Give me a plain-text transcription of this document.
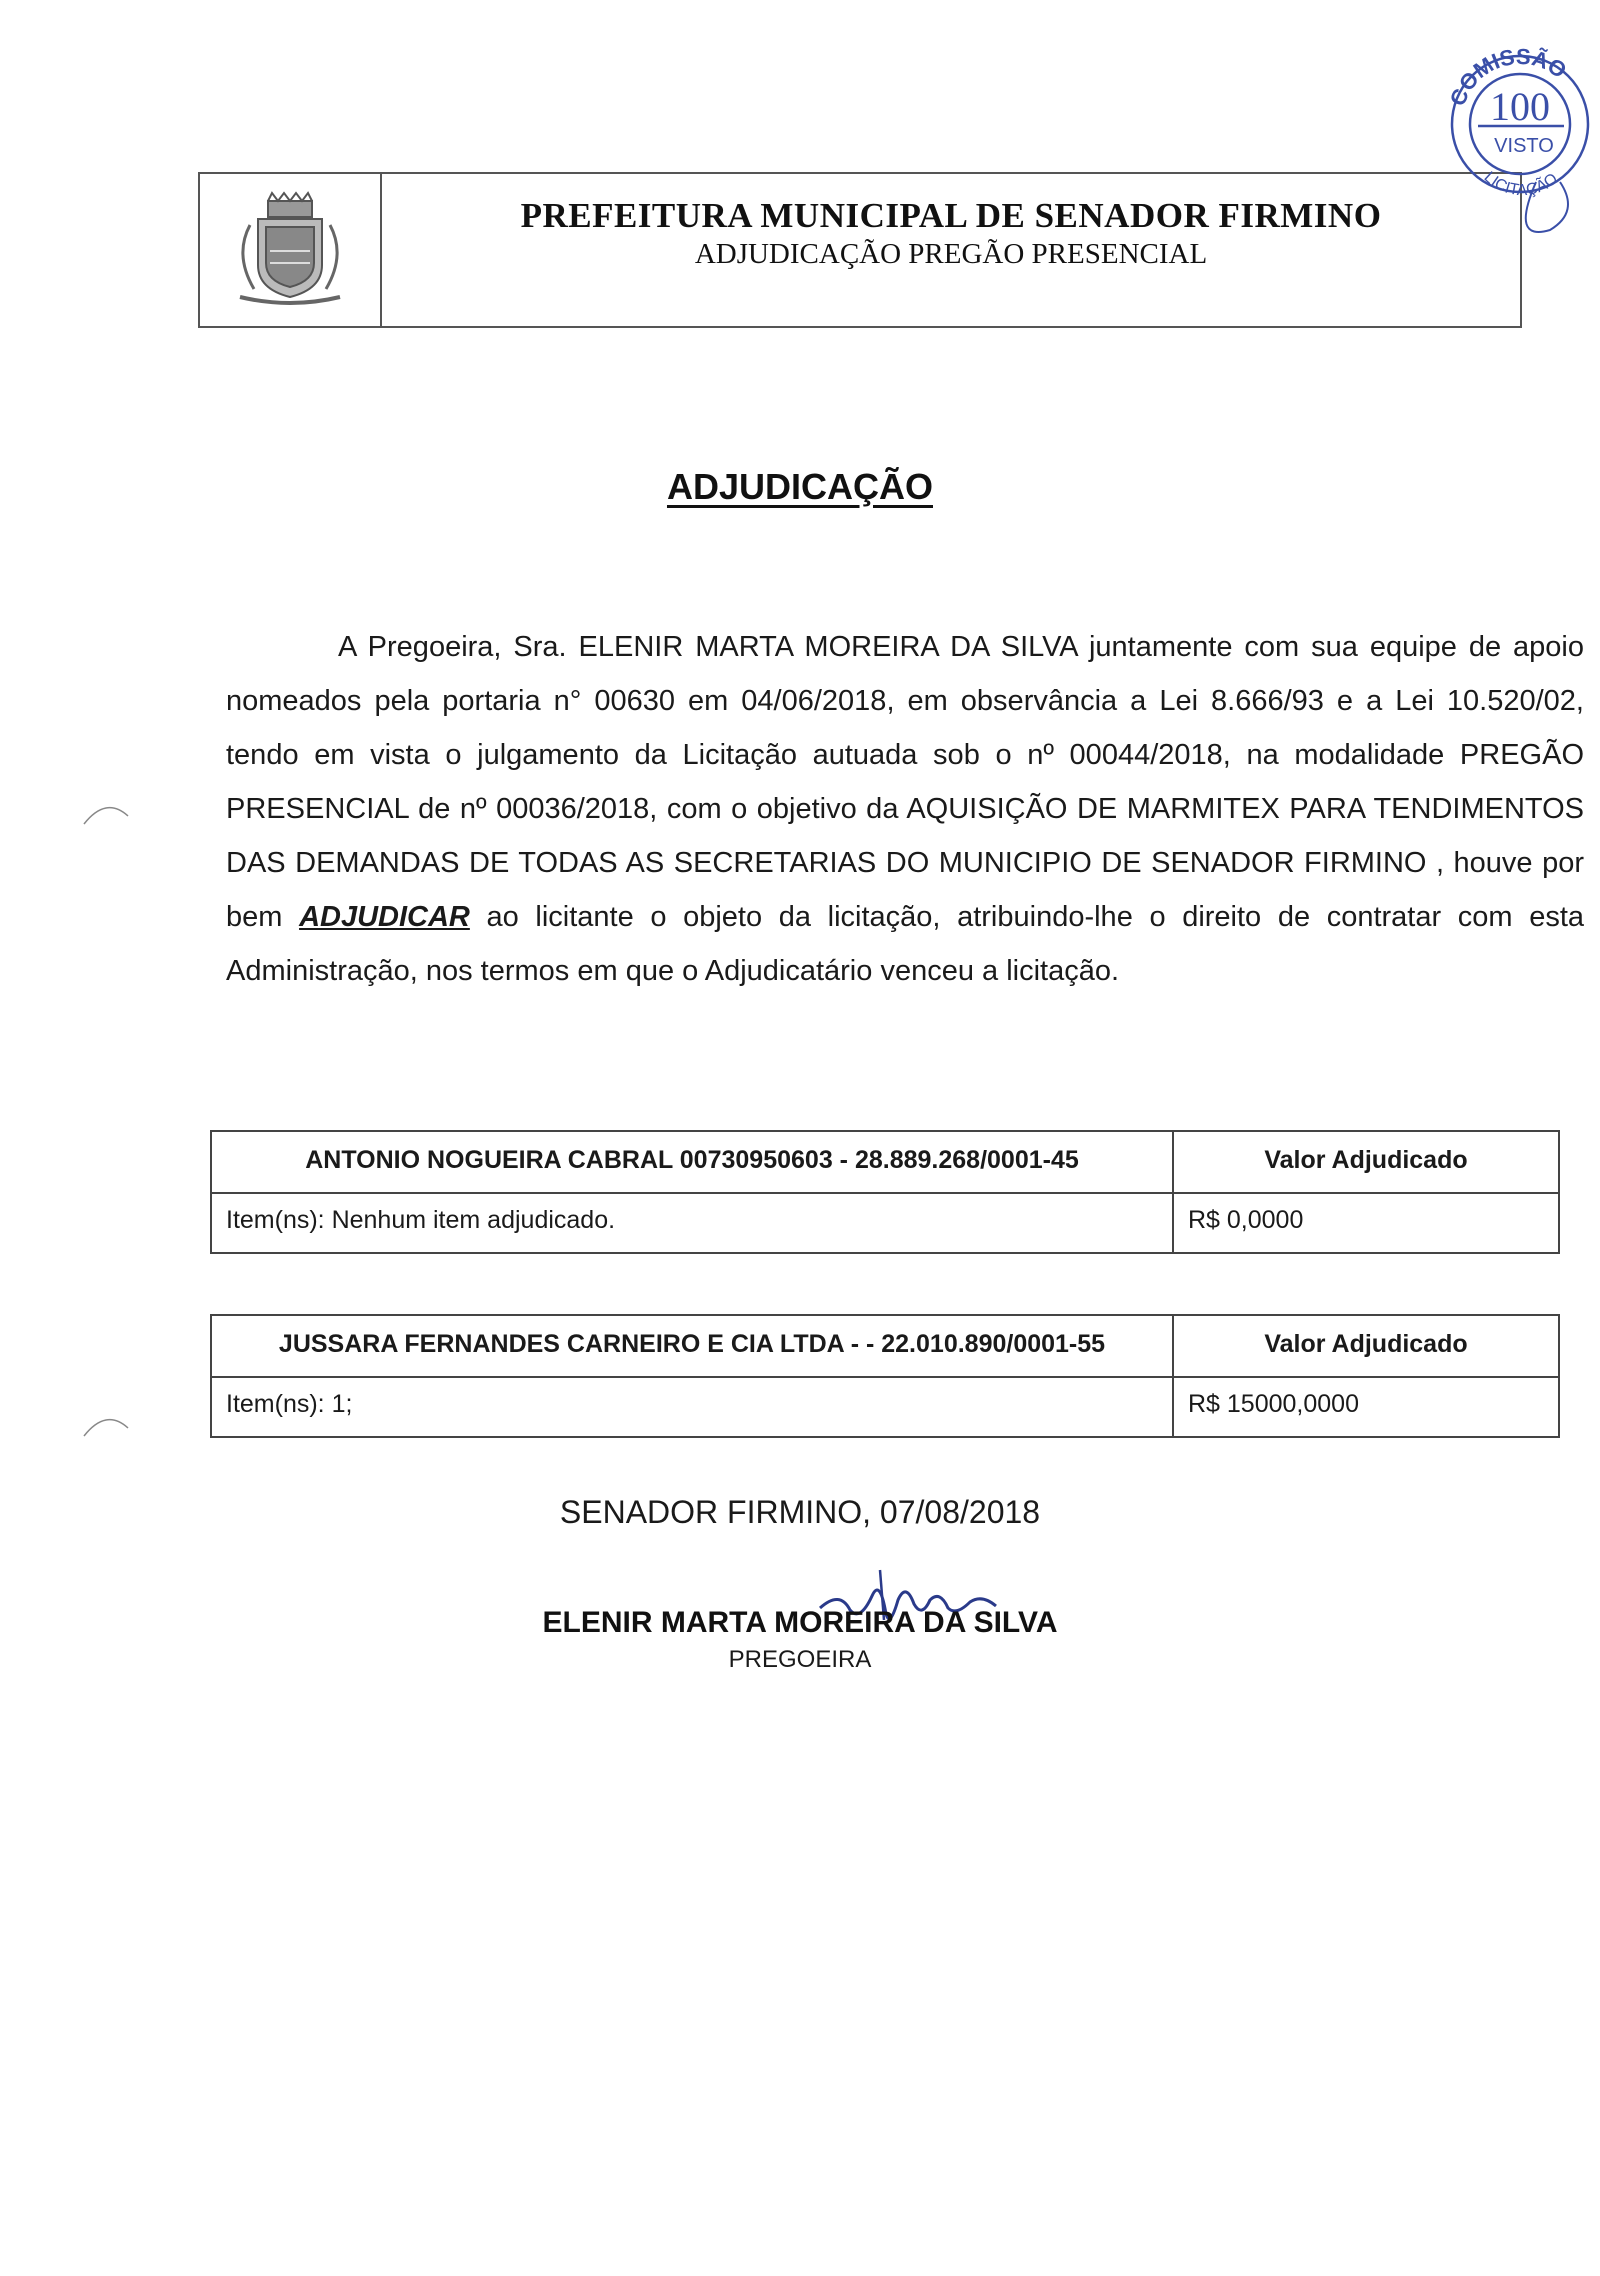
PREFEITURA MUNICIPAL DE SENADOR FIRMINO
ADJUDICAÇÃO PREGÃO PRESENCIAL
COMISSÃO
100
VISTO
LICITAÇÃO
ADJUDICAÇÃO
A Pregoeira, Sra. ELENIR MARTA MOREIRA DA SILVA juntamente com sua equipe de apoio nomeados pela portaria n° 00630 em 04/06/2018, em observância a Lei 8.666/93 e a Lei 10.520/02, tendo em vista o julgamento da Licitação autuada sob o nº 00044/2018, na modalidade PREGÃO PRESENCIAL de nº 00036/2018, com o objetivo da AQUISIÇÃO DE MARMITEX PARA TENDIMENTOS DAS DEMANDAS DE TODAS AS SECRETARIAS DO MUNICIPIO DE SENADOR FIRMINO , houve por bem ADJUDICAR ao licitante o objeto da licitação, atribuindo-lhe o direito de contratar com esta Administração, nos termos em que o Adjudicatário venceu a licitação.
ANTONIO NOGUEIRA CABRAL 00730950603 - 28.889.268/0001-45	Valor Adjudicado
Item(ns): Nenhum item adjudicado.	R$ 0,0000
JUSSARA FERNANDES CARNEIRO E CIA LTDA - - 22.010.890/0001-55	Valor Adjudicado
Item(ns): 1;	R$ 15000,0000
SENADOR FIRMINO, 07/08/2018
ELENIR MARTA MOREIRA DA SILVA
PREGOEIRA
